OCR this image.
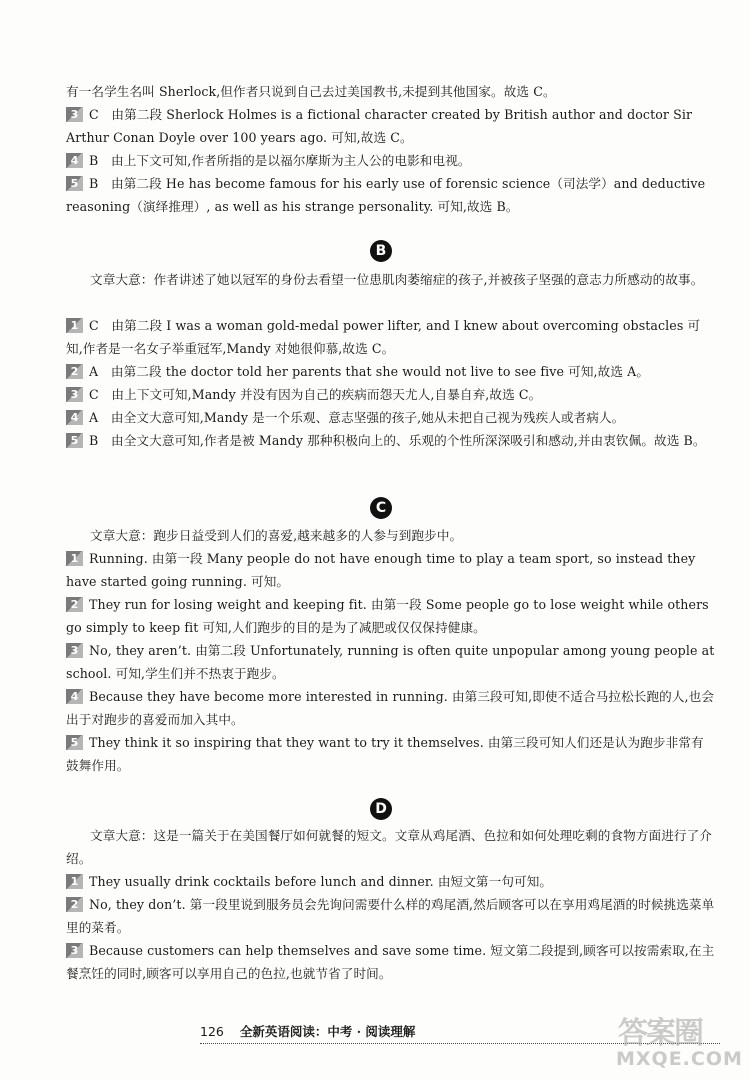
有一名学生名叫 Sherlock,但作者只说到自己去过美国教书,未提到其他国家。故选 C。

3 C　由第二段 Sherlock Holmes is a fictional character created by British author and doctor Sir Arthur Conan Doyle over 100 years ago. 可知,故选 C。

4 B　由上下文可知,作者所指的是以福尔摩斯为主人公的电影和电视。

5 B　由第二段 He has become famous for his early use of forensic science（司法学）and deductive reasoning（演绎推理）, as well as his strange personality. 可知,故选 B。

B

文章大意：作者讲述了她以冠军的身份去看望一位患肌肉萎缩症的孩子,并被孩子坚强的意志力所感动的故事。

1 C　由第二段 I was a woman gold-medal power lifter, and I knew about overcoming obstacles 可知,作者是一名女子举重冠军,Mandy 对她很仰慕,故选 C。

2 A　由第二段 the doctor told her parents that she would not live to see five 可知,故选 A。

3 C　由上下文可知,Mandy 并没有因为自己的疾病而怨天尤人,自暴自弃,故选 C。

4 A　由全文大意可知,Mandy 是一个乐观、意志坚强的孩子,她从未把自己视为残疾人或者病人。

5 B　由全文大意可知,作者是被 Mandy 那种积极向上的、乐观的个性所深深吸引和感动,并由衷钦佩。故选 B。

C

文章大意：跑步日益受到人们的喜爱,越来越多的人参与到跑步中。

1 Running. 由第一段 Many people do not have enough time to play a team sport, so instead they have started going running. 可知。

2 They run for losing weight and keeping fit. 由第一段 Some people go to lose weight while others go simply to keep fit 可知,人们跑步的目的是为了减肥或仅仅保持健康。

3 No, they aren’t. 由第二段 Unfortunately, running is often quite unpopular among young people at school. 可知,学生们并不热衷于跑步。

4 Because they have become more interested in running. 由第三段可知,即使不适合马拉松长跑的人,也会出于对跑步的喜爱而加入其中。

5 They think it so inspiring that they want to try it themselves. 由第三段可知人们还是认为跑步非常有鼓舞作用。

D

文章大意：这是一篇关于在美国餐厅如何就餐的短文。文章从鸡尾酒、色拉和如何处理吃剩的食物方面进行了介绍。

1 They usually drink cocktails before lunch and dinner. 由短文第一句可知。

2 No, they don’t. 第一段里说到服务员会先询问需要什么样的鸡尾酒,然后顾客可以在享用鸡尾酒的时候挑选菜单里的菜肴。

3 Because customers can help themselves and save some time. 短文第二段提到,顾客可以按需索取,在主餐烹饪的同时,顾客可以享用自己的色拉,也就节省了时间。

126 全新英语阅读：中考 · 阅读理解	答案圈
MXQE.COM
